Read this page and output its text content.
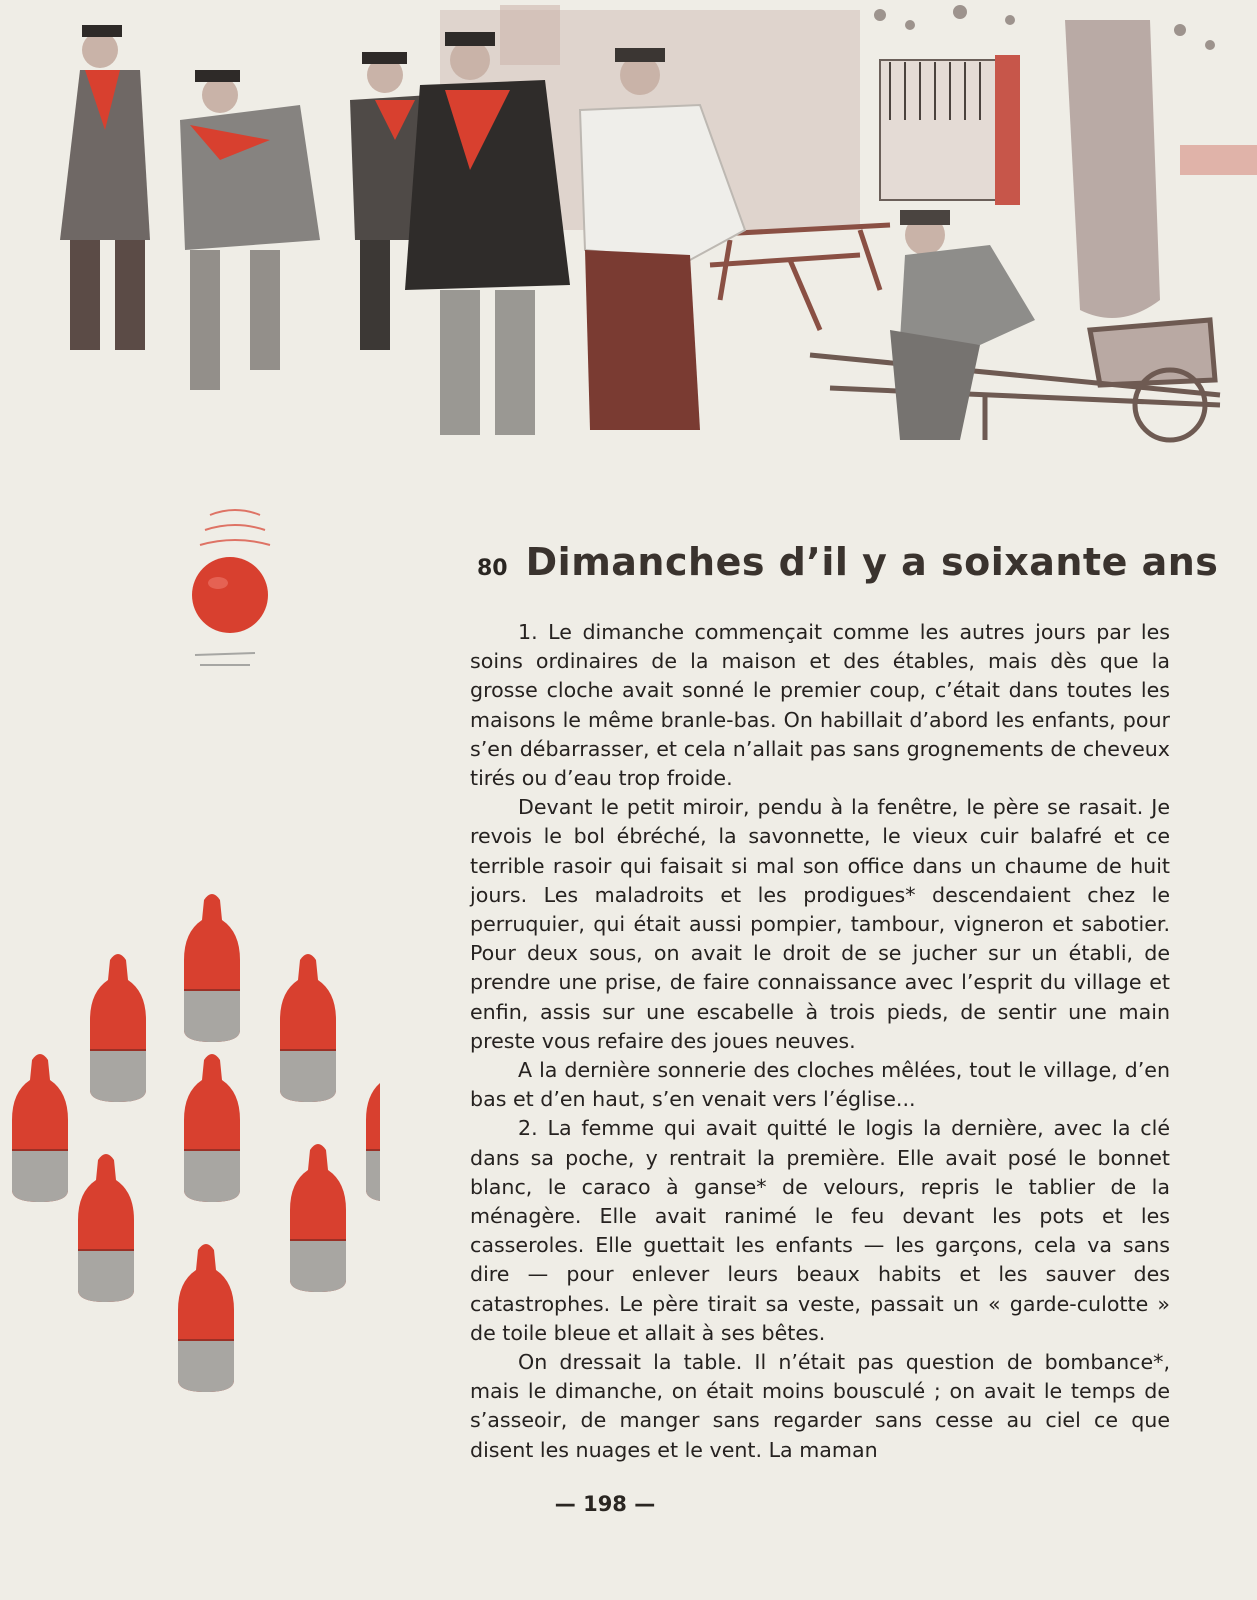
80 Dimanches d’il y a soixante ans

1. Le dimanche commençait comme les autres jours par les soins ordinaires de la maison et des étables, mais dès que la grosse cloche avait sonné le premier coup, c’était dans toutes les maisons le même branle-bas. On habillait d’abord les enfants, pour s’en débarrasser, et cela n’allait pas sans grognements de cheveux tirés ou d’eau trop froide.

Devant le petit miroir, pendu à la fenêtre, le père se rasait. Je revois le bol ébréché, la savonnette, le vieux cuir balafré et ce terrible rasoir qui faisait si mal son office dans un chaume de huit jours. Les maladroits et les prodigues* descendaient chez le perruquier, qui était aussi pompier, tambour, vigneron et sabotier. Pour deux sous, on avait le droit de se jucher sur un établi, de prendre une prise, de faire connaissance avec l’esprit du village et enfin, assis sur une escabelle à trois pieds, de sentir une main preste vous refaire des joues neuves.

A la dernière sonnerie des cloches mêlées, tout le village, d’en bas et d’en haut, s’en venait vers l’église...

2. La femme qui avait quitté le logis la dernière, avec la clé dans sa poche, y rentrait la première. Elle avait posé le bonnet blanc, le caraco à ganse* de velours, repris le tablier de la ménagère. Elle avait ranimé le feu devant les pots et les casseroles. Elle guettait les enfants — les garçons, cela va sans dire — pour enlever leurs beaux habits et les sauver des catastrophes. Le père tirait sa veste, passait un « garde-culotte » de toile bleue et allait à ses bêtes.

On dressait la table. Il n’était pas question de bombance*, mais le dimanche, on était moins bousculé ; on avait le temps de s’asseoir, de manger sans regarder sans cesse au ciel ce que disent les nuages et le vent. La maman

— 198 —
